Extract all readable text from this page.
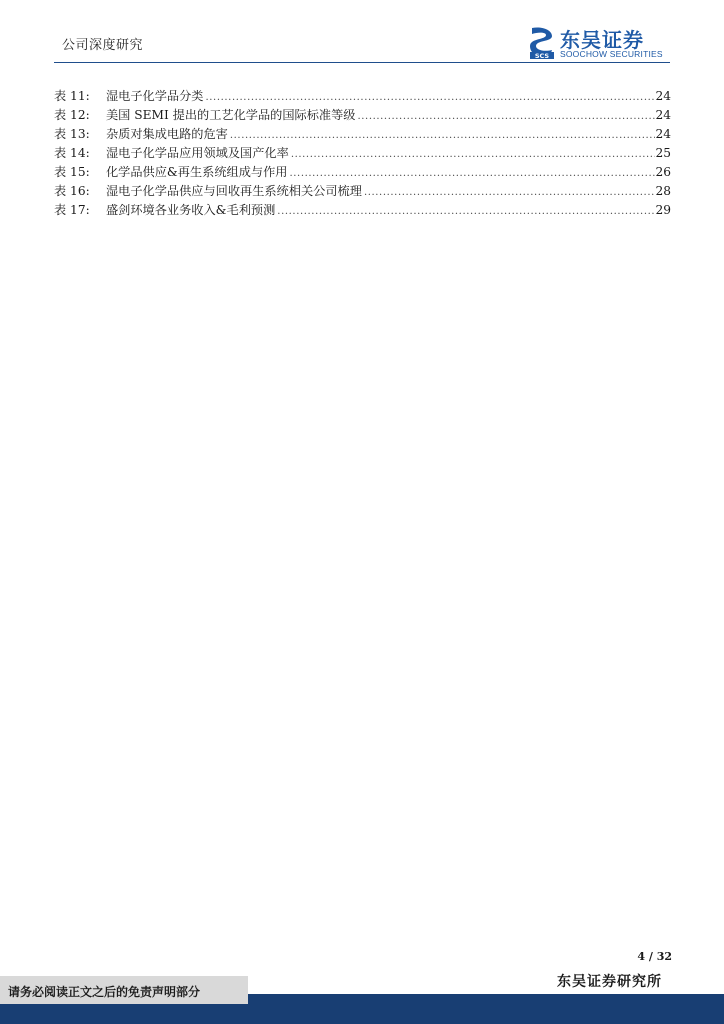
公司深度研究
SCS
东吴证券
SOOCHOW SECURITIES
表 11:	湿电子化学品分类 .....	24
表 12:	美国 SEMI 提出的工艺化学品的国际标准等级 .....	24
表 13:	杂质对集成电路的危害 .....	24
表 14:	湿电子化学品应用领域及国产化率 .....	25
表 15:	化学品供应&再生系统组成与作用 .....	26
表 16:	湿电子化学品供应与回收再生系统相关公司梳理 .....	28
表 17:	盛剑环境各业务收入&毛利预测 .....	29
4 / 32
东吴证券研究所
请务必阅读正文之后的免责声明部分
